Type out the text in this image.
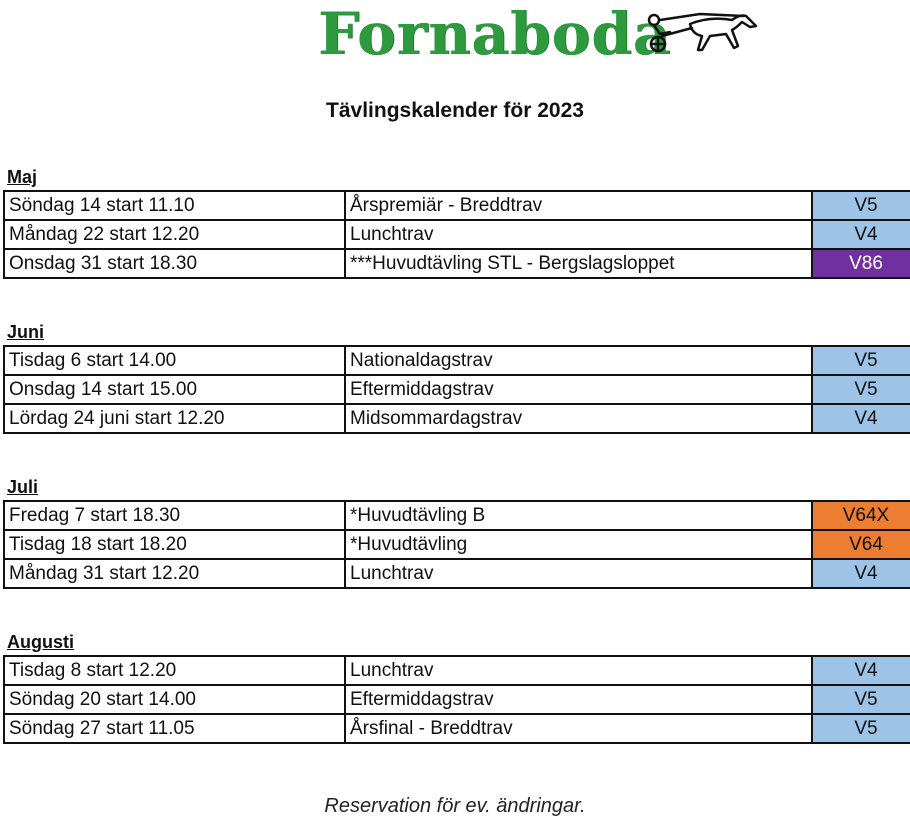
Fornaboda
Tävlingskalender för 2023
Maj
Söndag 14 start 11.10	Årspremiär - Breddtrav	V5
Måndag 22 start 12.20	Lunchtrav	V4
Onsdag 31 start 18.30	***Huvudtävling STL - Bergslagsloppet	V86
Juni
Tisdag 6 start 14.00	Nationaldagstrav	V5
Onsdag 14 start 15.00	Eftermiddagstrav	V5
Lördag 24 juni start 12.20	Midsommardagstrav	V4
Juli
Fredag 7 start 18.30	*Huvudtävling B	V64X
Tisdag 18 start 18.20	*Huvudtävling	V64
Måndag 31 start 12.20	Lunchtrav	V4
Augusti
Tisdag 8 start 12.20	Lunchtrav	V4
Söndag 20 start 14.00	Eftermiddagstrav	V5
Söndag 27 start 11.05	Årsfinal - Breddtrav	V5
Reservation för ev. ändringar.
